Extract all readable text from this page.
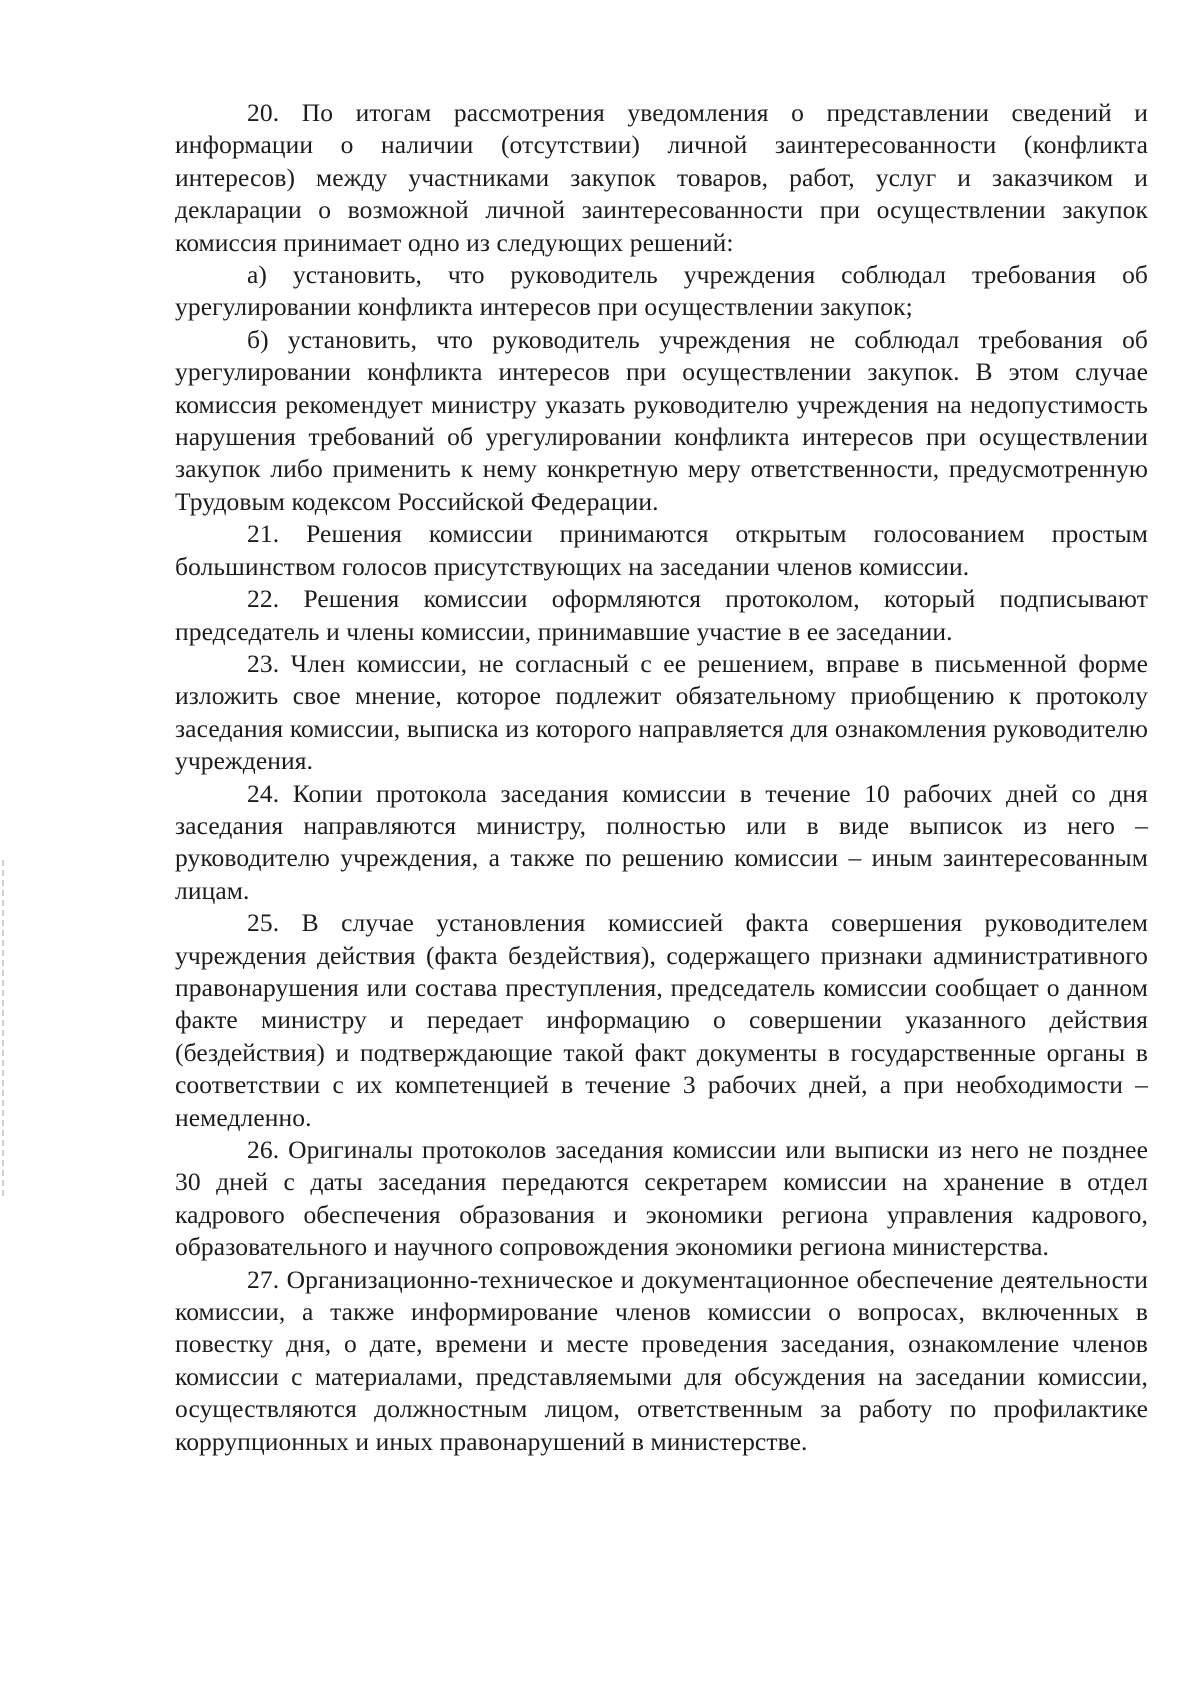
20. По итогам рассмотрения уведомления о представлении сведений и информации о наличии (отсутствии) личной заинтересованности (конфликта интересов) между участниками закупок товаров, работ, услуг и заказчиком и декларации о возможной личной заинтересованности при осуществлении закупок комиссия принимает одно из следующих решений:

а) установить, что руководитель учреждения соблюдал требования об урегулировании конфликта интересов при осуществлении закупок;

б) установить, что руководитель учреждения не соблюдал требования об урегулировании конфликта интересов при осуществлении закупок. В этом случае комиссия рекомендует министру указать руководителю учреждения на недопустимость нарушения требований об урегулировании конфликта интересов при осуществлении закупок либо применить к нему конкретную меру ответственности, предусмотренную Трудовым кодексом Российской Федерации.

21. Решения комиссии принимаются открытым голосованием простым большинством голосов присутствующих на заседании членов комиссии.

22. Решения комиссии оформляются протоколом, который подписывают председатель и члены комиссии, принимавшие участие в ее заседании.

23. Член комиссии, не согласный с ее решением, вправе в письменной форме изложить свое мнение, которое подлежит обязательному приобщению к протоколу заседания комиссии, выписка из которого направляется для ознакомления руководителю учреждения.

24. Копии протокола заседания комиссии в течение 10 рабочих дней со дня заседания направляются министру, полностью или в виде выписок из него – руководителю учреждения, а также по решению комиссии – иным заинтересованным лицам.

25. В случае установления комиссией факта совершения руководителем учреждения действия (факта бездействия), содержащего признаки административного правонарушения или состава преступления, председатель комиссии сообщает о данном факте министру и передает информацию о совершении указанного действия (бездействия) и подтверждающие такой факт документы в государственные органы в соответствии с их компетенцией в течение 3 рабочих дней, а при необходимости – немедленно.

26. Оригиналы протоколов заседания комиссии или выписки из него не позднее 30 дней с даты заседания передаются секретарем комиссии на хранение в отдел кадрового обеспечения образования и экономики региона управления кадрового, образовательного и научного сопровождения экономики региона министерства.

27. Организационно-техническое и документационное обеспечение деятельности комиссии, а также информирование членов комиссии о вопросах, включенных в повестку дня, о дате, времени и месте проведения заседания, ознакомление членов комиссии с материалами, представляемыми для обсуждения на заседании комиссии, осуществляются должностным лицом, ответственным за работу по профилактике коррупционных и иных правонарушений в министерстве.
